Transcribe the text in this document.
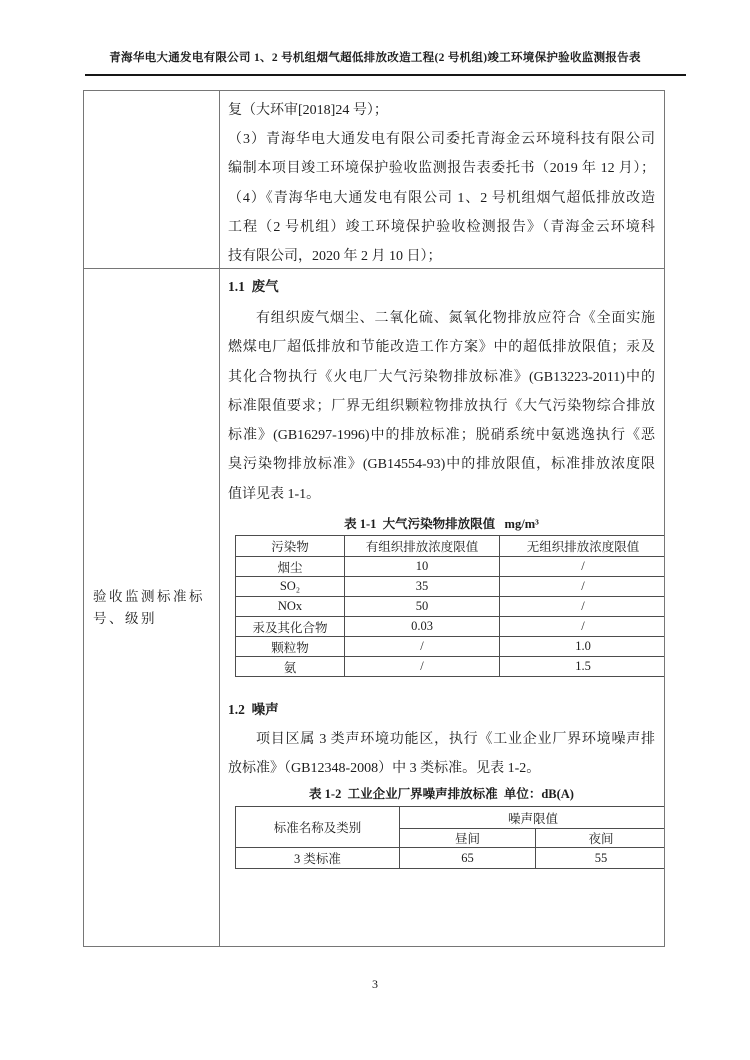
青海华电大通发电有限公司 1、2 号机组烟气超低排放改造工程(2 号机组)竣工环境保护验收监测报告表
复（大环审[2018]24 号）；
（3）青海华电大通发电有限公司委托青海金云环境科技有限公司
编制本项目竣工环境保护验收监测报告表委托书（2019 年 12 月）；
（4）《青海华电大通发电有限公司 1、2 号机组烟气超低排放改造
工程（2 号机组）竣工环境保护验收检测报告》（青海金云环境科
技有限公司，2020 年 2 月 10 日）；
验收监测标准标号、级别
1.1  废气
有组织废气烟尘、二氧化硫、氮氧化物排放应符合《全面实施
燃煤电厂超低排放和节能改造工作方案》中的超低排放限值；汞及
其化合物执行《火电厂大气污染物排放标准》(GB13223-2011)中的
标准限值要求；厂界无组织颗粒物排放执行《大气污染物综合排放
标准》(GB16297-1996)中的排放标准；脱硝系统中氨逃逸执行《恶
臭污染物排放标准》(GB14554-93)中的排放限值，标准排放浓度限
值详见表 1-1。
表 1-1  大气污染物排放限值   mg/m³
污染物	有组织排放浓度限值	无组织排放浓度限值
烟尘	10	/
SO₂	35	/
NOx	50	/
汞及其化合物	0.03	/
颗粒物	/	1.0
氨	/	1.5
1.2  噪声
项目区属 3 类声环境功能区，执行《工业企业厂界环境噪声排
放标准》（GB12348-2008）中 3 类标准。见表 1-2。
表 1-2  工业企业厂界噪声排放标准  单位：dB(A)
标准名称及类别	噪声限值	
	昼间	夜间
3 类标准	65	55
3
